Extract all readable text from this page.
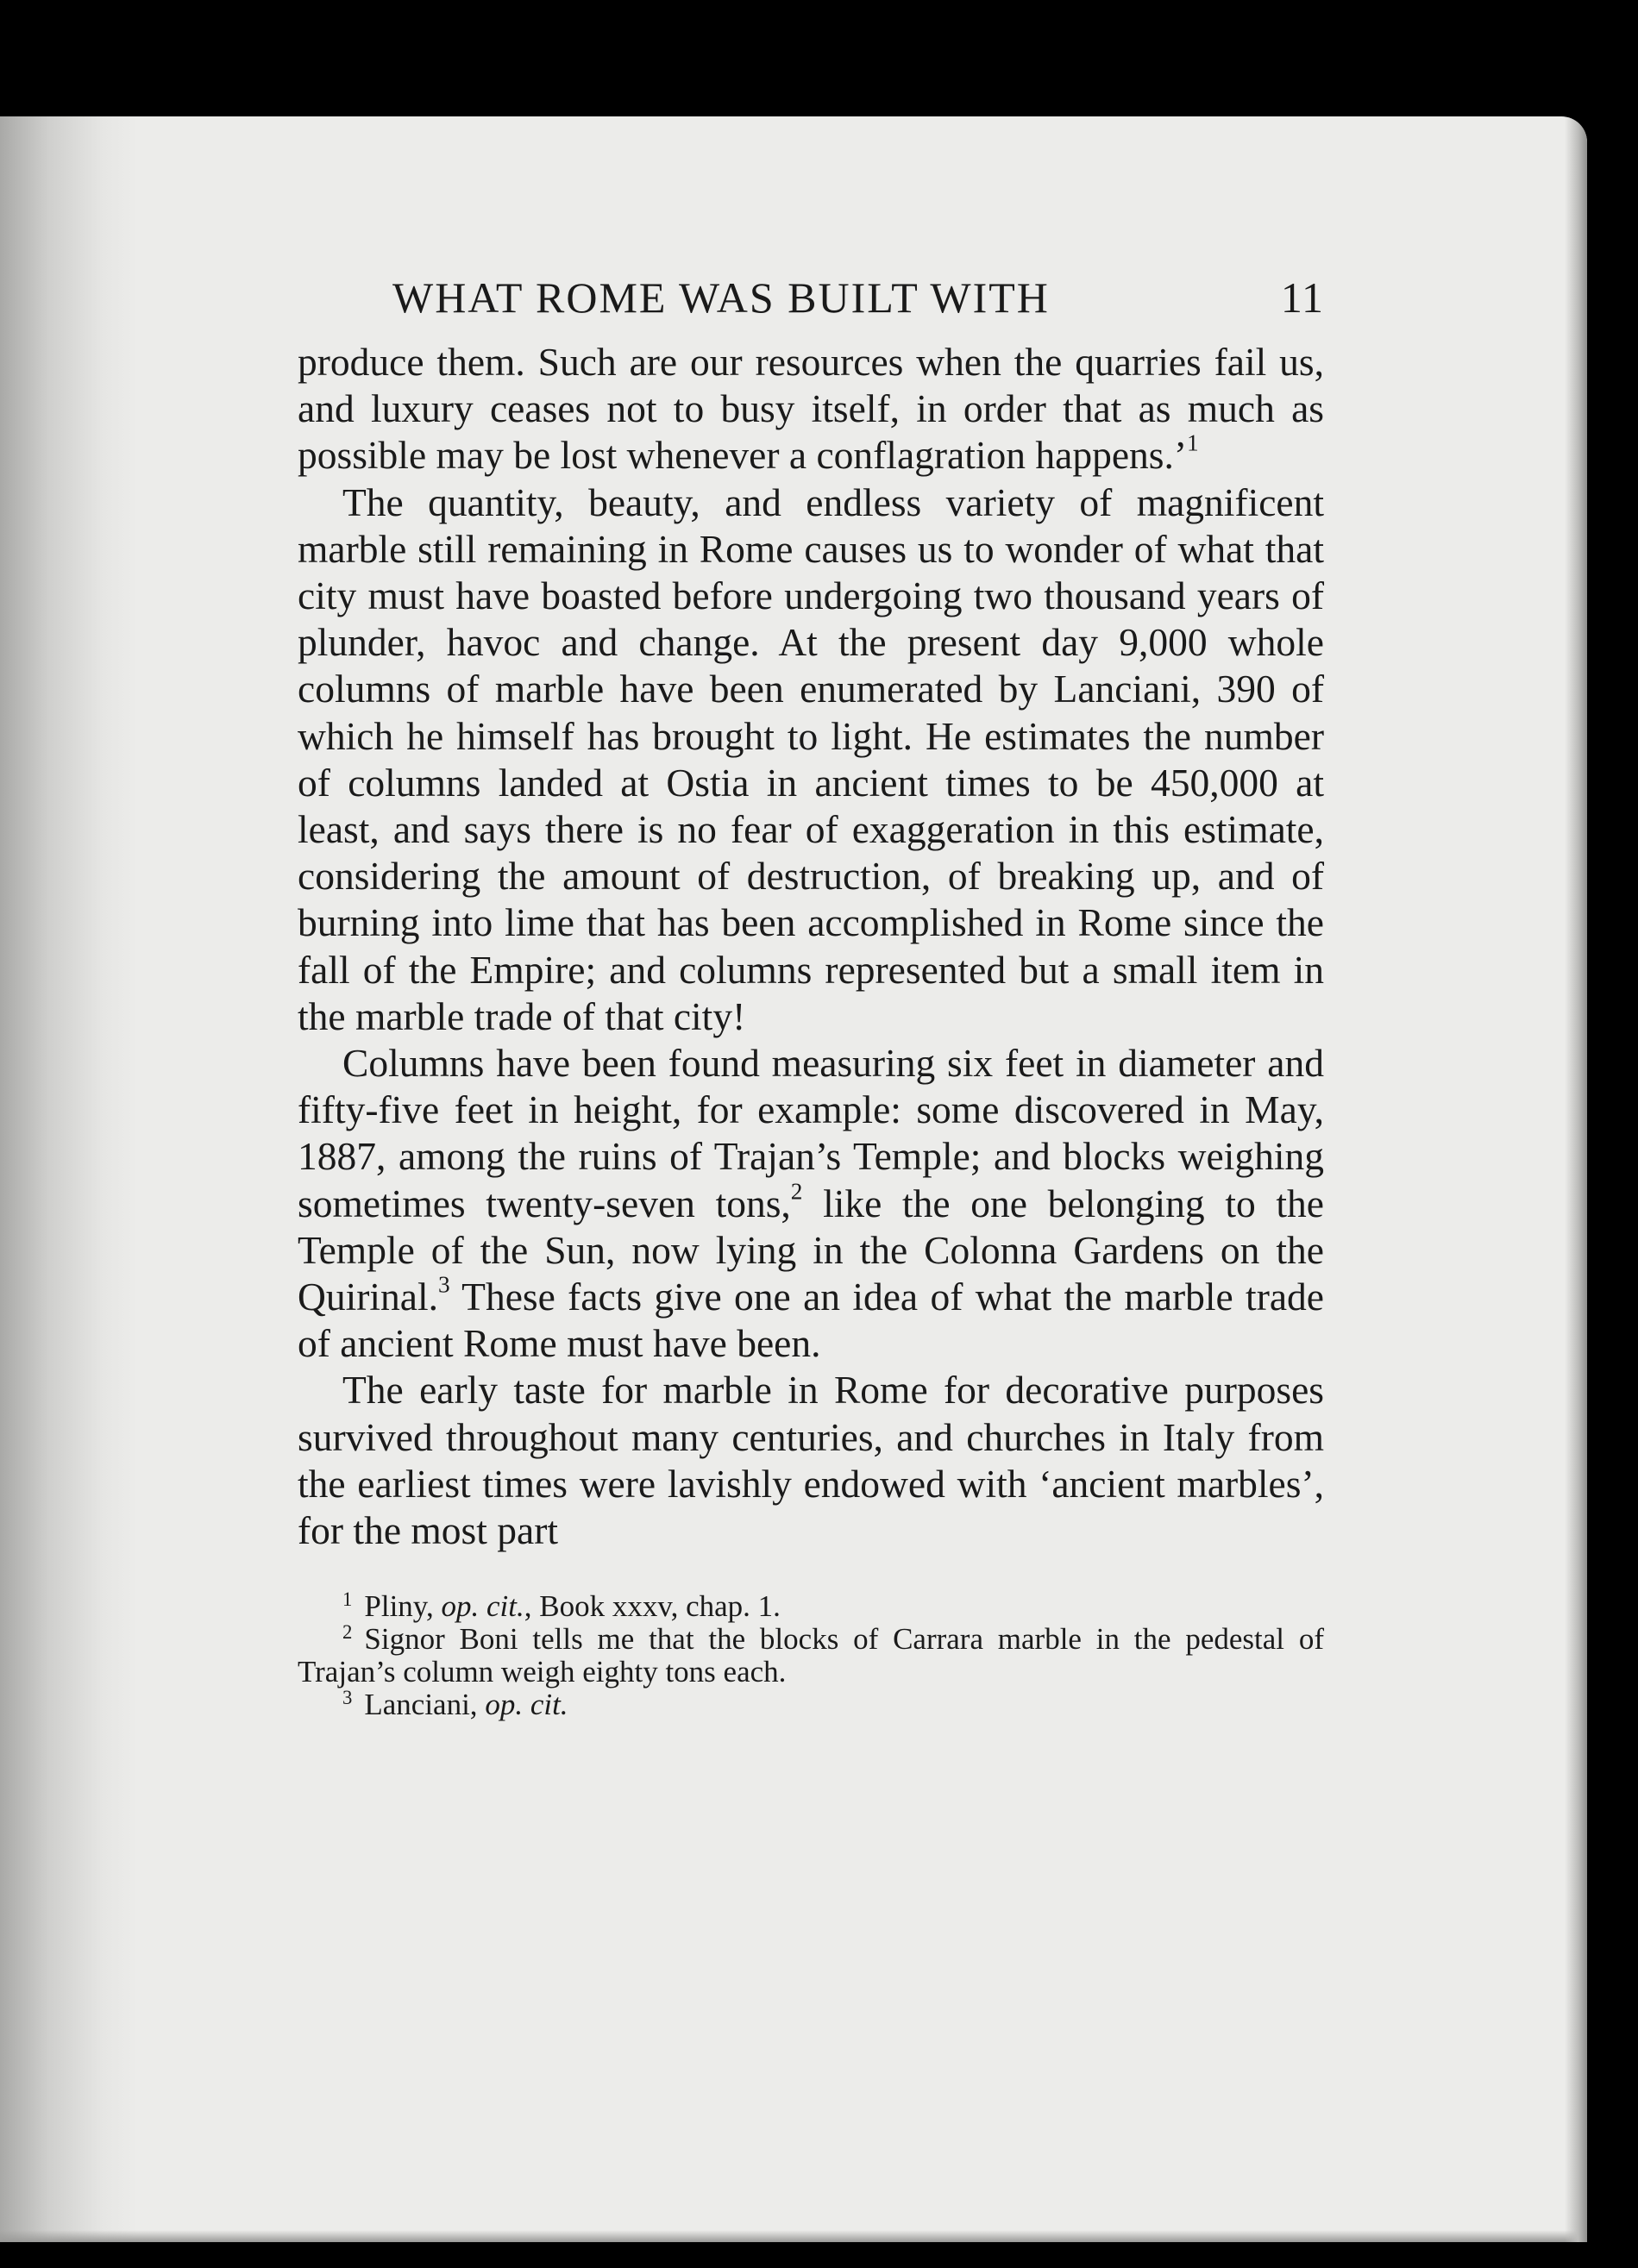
WHAT ROME WAS BUILT WITH	11

produce them. Such are our resources when the quarries fail us, and luxury ceases not to busy itself, in order that as much as possible may be lost whenever a conflagration happens.’$^1$

The quantity, beauty, and endless variety of magnificent marble still remaining in Rome causes us to wonder of what that city must have boasted before undergoing two thousand years of plunder, havoc and change. At the present day 9,000 whole columns of marble have been enumerated by Lanciani, 390 of which he himself has brought to light. He estimates the number of columns landed at Ostia in ancient times to be 450,000 at least, and says there is no fear of exaggeration in this estimate, considering the amount of destruction, of breaking up, and of burning into lime that has been accomplished in Rome since the fall of the Empire; and columns represented but a small item in the marble trade of that city!

Columns have been found measuring six feet in diameter and fifty-five feet in height, for example: some discovered in May, 1887, among the ruins of Trajan’s Temple; and blocks weighing sometimes twenty-seven tons,$^2$ like the one belonging to the Temple of the Sun, now lying in the Colonna Gardens on the Quirinal.$^3$ These facts give one an idea of what the marble trade of ancient Rome must have been.

The early taste for marble in Rome for decorative purposes survived throughout many centuries, and churches in Italy from the earliest times were lavishly endowed with ‘ancient marbles’, for the most part

$^1$ Pliny, op. cit., Book xxxv, chap. 1.

$^2$ Signor Boni tells me that the blocks of Carrara marble in the pedestal of Trajan’s column weigh eighty tons each.

$^3$ Lanciani, op. cit.
